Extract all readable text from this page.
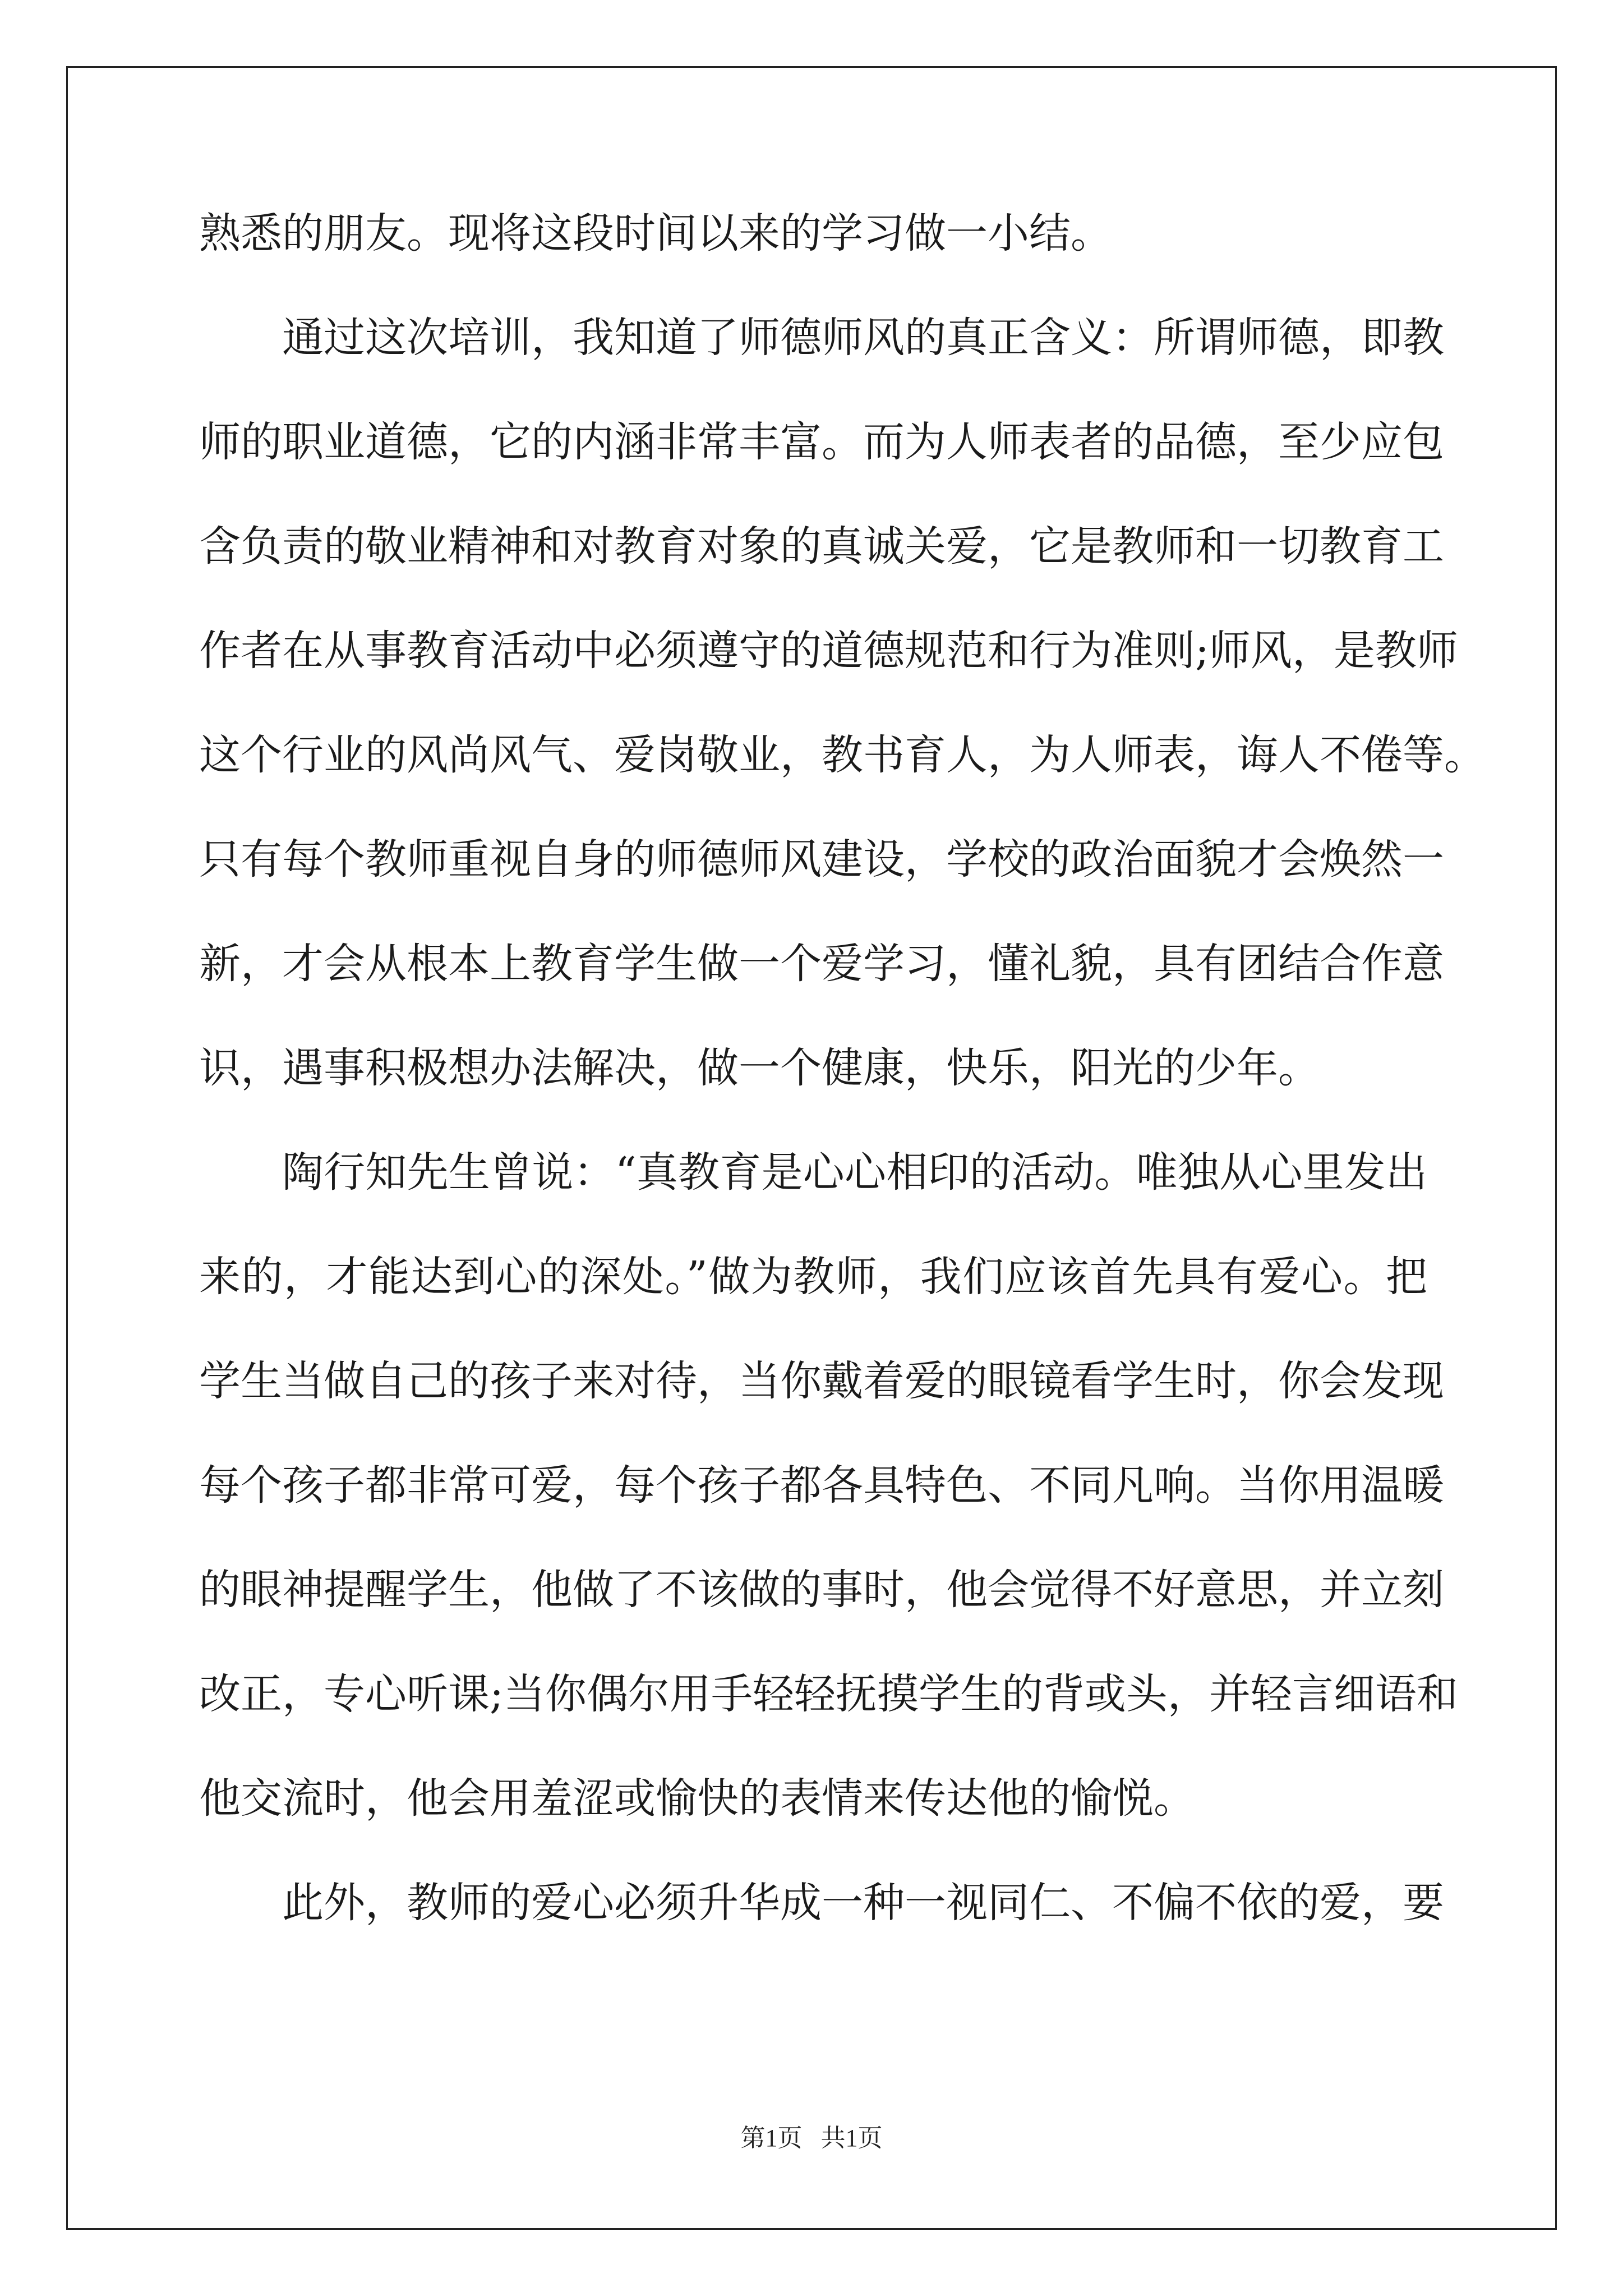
熟悉的朋友。现将这段时间以来的学习做一小结。
通过这次培训，我知道了师德师风的真正含义：所谓师德，即教
师的职业道德，它的内涵非常丰富。而为人师表者的品德，至少应包
含负责的敬业精神和对教育对象的真诚关爱，它是教师和一切教育工
作者在从事教育活动中必须遵守的道德规范和行为准则;师风，是教师
这个行业的风尚风气、爱岗敬业，教书育人，为人师表，诲人不倦等。
只有每个教师重视自身的师德师风建设，学校的政治面貌才会焕然一
新，才会从根本上教育学生做一个爱学习，懂礼貌，具有团结合作意
识，遇事积极想办法解决，做一个健康，快乐，阳光的少年。
陶行知先生曾说：“真教育是心心相印的活动。唯独从心里发出
来的，才能达到心的深处。”做为教师，我们应该首先具有爱心。把
学生当做自己的孩子来对待，当你戴着爱的眼镜看学生时，你会发现
每个孩子都非常可爱，每个孩子都各具特色、不同凡响。当你用温暖
的眼神提醒学生，他做了不该做的事时，他会觉得不好意思，并立刻
改正，专心听课;当你偶尔用手轻轻抚摸学生的背或头，并轻言细语和
他交流时，他会用羞涩或愉快的表情来传达他的愉悦。
此外，教师的爱心必须升华成一种一视同仁、不偏不依的爱，要
第1页   共1页
